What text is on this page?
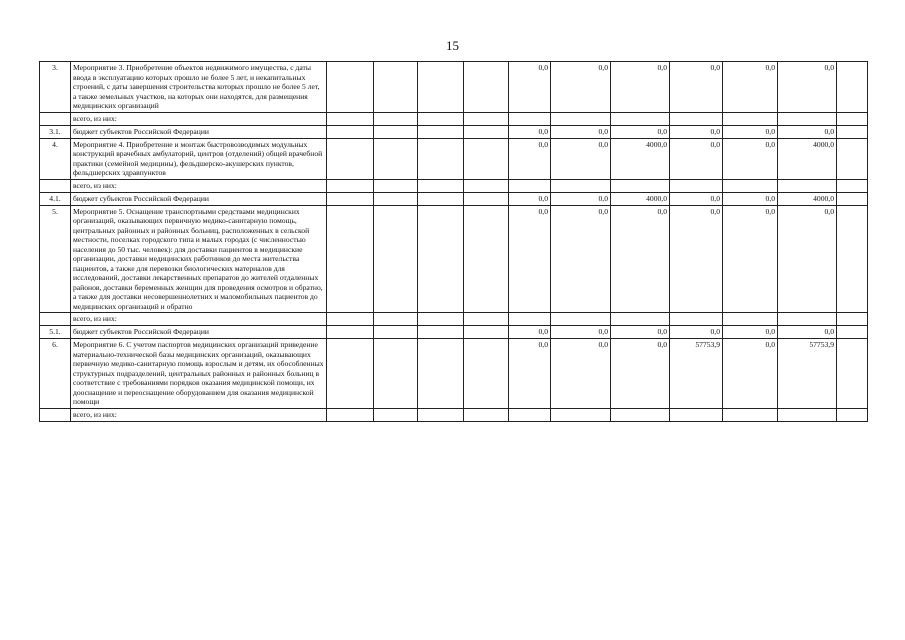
15
3.	Мероприятие 3. Приобретение объектов недвижимого имущества, с даты ввода в эксплуатацию которых прошло не более 5 лет, и некапитальных строений, с даты завершения строительства которых прошло не более 5 лет, а также земельных участков, на которых они находятся, для размещения медицинских организаций					0,0	0,0	0,0	0,0	0,0	0,0	
	всего, из них:											
3.1.	бюджет субъектов Российской Федерации					0,0	0,0	0,0	0,0	0,0	0,0	
4.	Мероприятие 4. Приобретение и монтаж быстровозводимых модульных конструкций врачебных амбулаторий, центров (отделений) общей врачебной практики (семейной медицины), фельдшерско-акушерских пунктов, фельдшерских здравпунктов					0,0	0,0	4000,0	0,0	0,0	4000,0	
	всего, из них:											
4.1.	бюджет субъектов Российской Федерации					0,0	0,0	4000,0	0,0	0,0	4000,0	
5.	Мероприятие 5. Оснащение транспортными средствами медицинских организаций, оказывающих первичную медико-санитарную помощь, центральных районных и районных больниц, расположенных в сельской местности, поселках городского типа и малых городах (с численностью населения до 50 тыс. человек): для доставки пациентов в медицинские организации, доставки медицинских работников до места жительства пациентов, а также для перевозки биологических материалов для исследований, доставки лекарственных препаратов до жителей отдаленных районов, доставки беременных женщин для проведения осмотров и обратно, а также для доставки несовершеннолетних и маломобильных пациентов до медицинских организаций и обратно					0,0	0,0	0,0	0,0	0,0	0,0	
	всего, из них:											
5.1.	бюджет субъектов Российской Федерации					0,0	0,0	0,0	0,0	0,0	0,0	
6.	Мероприятие 6. С учетом паспортов медицинских организаций приведение материально-технической базы медицинских организаций, оказывающих первичную медико-санитарную помощь взрослым и детям, их обособленных структурных подразделений, центральных районных и районных больниц в соответствие с требованиями порядков оказания медицинской помощи, их дооснащение и переоснащение оборудованием для оказания медицинской помощи					0,0	0,0	0,0	57753,9	0,0	57753,9	
	всего, из них:											
